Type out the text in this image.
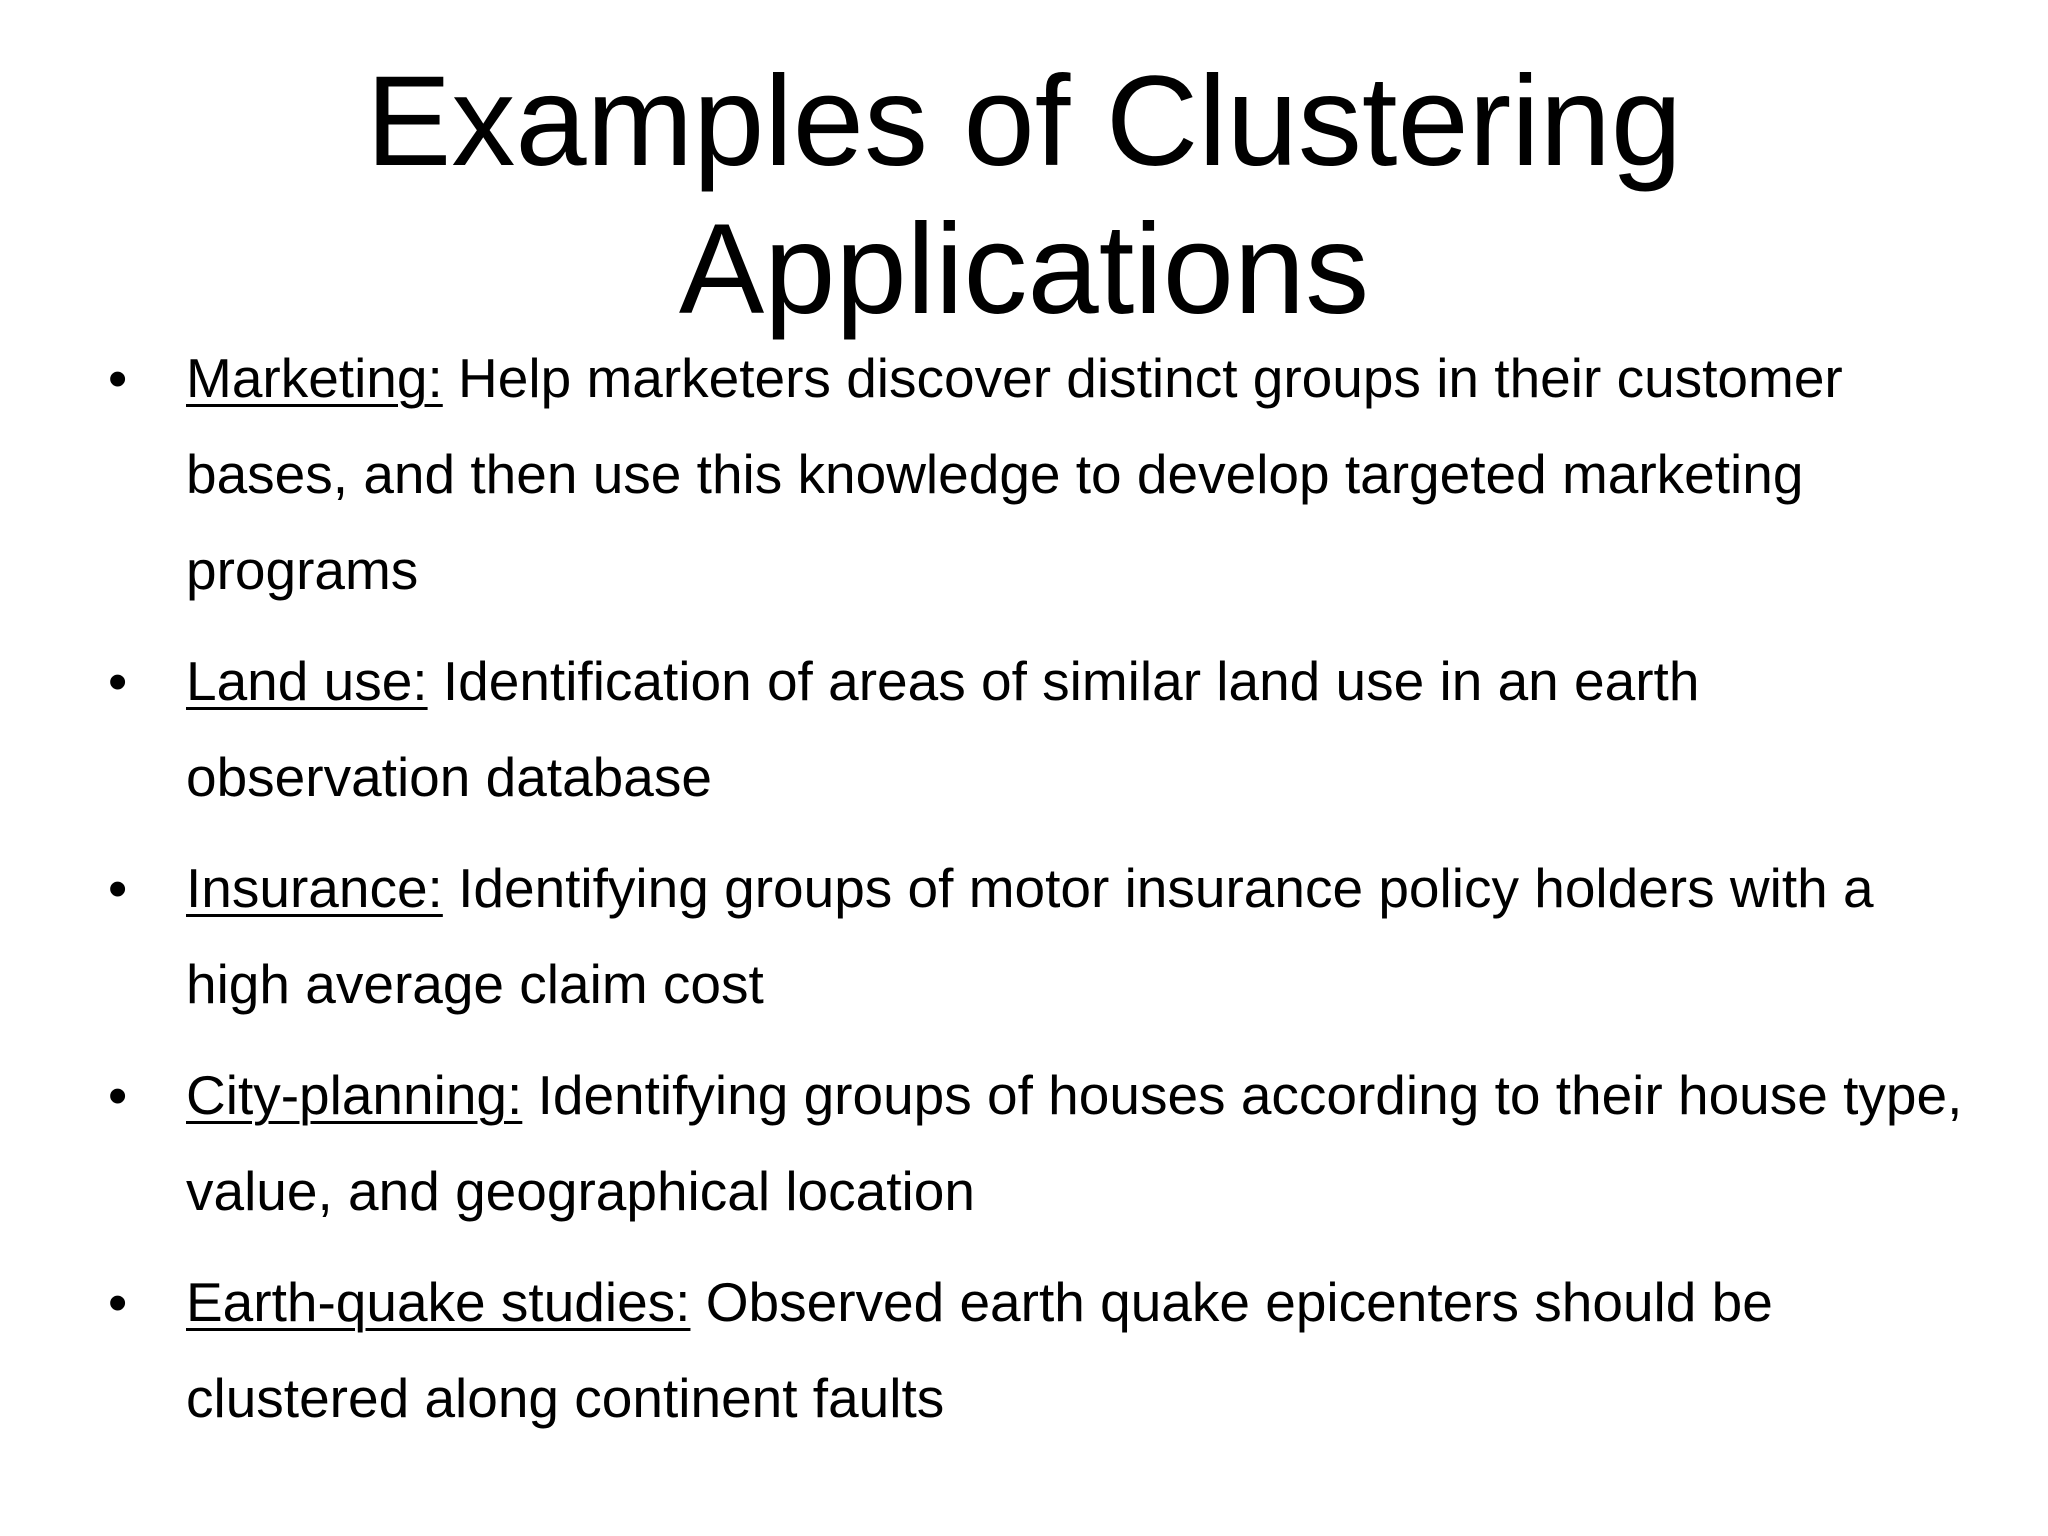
Examples of Clustering
Applications
•	Marketing: Help marketers discover distinct groups in their customer bases, and then use this knowledge to develop targeted marketing programs
•	Land use: Identification of areas of similar land use in an earth observation database
•	Insurance: Identifying groups of motor insurance policy holders with a high average claim cost
•	City-planning: Identifying groups of houses according to their house type, value, and geographical location
•	Earth-quake studies: Observed earth quake epicenters should be clustered along continent faults
